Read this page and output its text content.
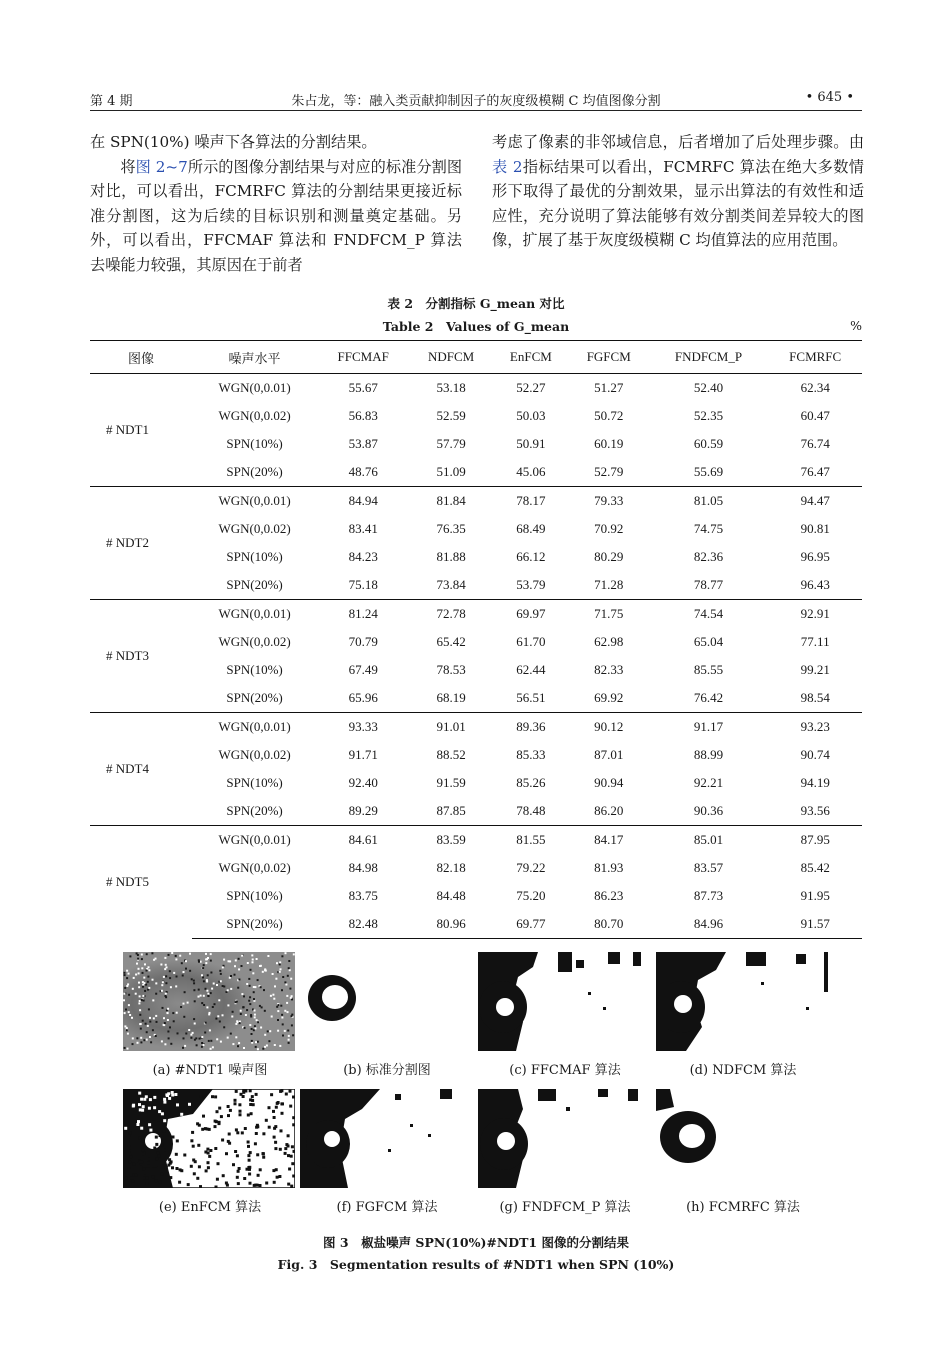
第 4 期	朱占龙，等：融入类贡献抑制因子的灰度级模糊 C 均值图像分割	• 645 •

在 SPN(10%) 噪声下各算法的分割结果。

将图 2~7所示的图像分割结果与对应的标准分割图对比，可以看出，FCMRFC 算法的分割结果更接近标准分割图，这为后续的目标识别和测量奠定基础。另外，可以看出，FFCMAF 算法和 FNDFCM_P 算法去噪能力较强，其原因在于前者

考虑了像素的非邻域信息，后者增加了后处理步骤。由表 2指标结果可以看出，FCMRFC 算法在绝大多数情形下取得了最优的分割效果，显示出算法的有效性和适应性，充分说明了算法能够有效分割类间差异较大的图像，扩展了基于灰度级模糊 C 均值算法的应用范围。

表 2　分割指标 G_mean 对比
Table 2　Values of G_mean	%
图像	噪声水平	FFCMAF	NDFCM	EnFCM	FGFCM	FNDFCM_P	FCMRFC
# NDT1	WGN(0,0.01)	55.67	53.18	52.27	51.27	52.40	62.34
	WGN(0,0.02)	56.83	52.59	50.03	50.72	52.35	60.47
	SPN(10%)	53.87	57.79	50.91	60.19	60.59	76.74
	SPN(20%)	48.76	51.09	45.06	52.79	55.69	76.47
# NDT2	WGN(0,0.01)	84.94	81.84	78.17	79.33	81.05	94.47
	WGN(0,0.02)	83.41	76.35	68.49	70.92	74.75	90.81
	SPN(10%)	84.23	81.88	66.12	80.29	82.36	96.95
	SPN(20%)	75.18	73.84	53.79	71.28	78.77	96.43
# NDT3	WGN(0,0.01)	81.24	72.78	69.97	71.75	74.54	92.91
	WGN(0,0.02)	70.79	65.42	61.70	62.98	65.04	77.11
	SPN(10%)	67.49	78.53	62.44	82.33	85.55	99.21
	SPN(20%)	65.96	68.19	56.51	69.92	76.42	98.54
# NDT4	WGN(0,0.01)	93.33	91.01	89.36	90.12	91.17	93.23
	WGN(0,0.02)	91.71	88.52	85.33	87.01	88.99	90.74
	SPN(10%)	92.40	91.59	85.26	90.94	92.21	94.19
	SPN(20%)	89.29	87.85	78.48	86.20	90.36	93.56
# NDT5	WGN(0,0.01)	84.61	83.59	81.55	84.17	85.01	87.95
	WGN(0,0.02)	84.98	82.18	79.22	81.93	83.57	85.42
	SPN(10%)	83.75	84.48	75.20	86.23	87.73	91.95
	SPN(20%)	82.48	80.96	69.77	80.70	84.96	91.57
(a) #NDT1 噪声图	(b) 标准分割图	(c) FFCMAF 算法	(d) NDFCM 算法
(e) EnFCM 算法	(f) FGFCM 算法	(g) FNDFCM_P 算法	(h) FCMRFC 算法
图 3　椒盐噪声 SPN(10%)#NDT1 图像的分割结果
Fig. 3　Segmentation results of #NDT1 when SPN (10%)
